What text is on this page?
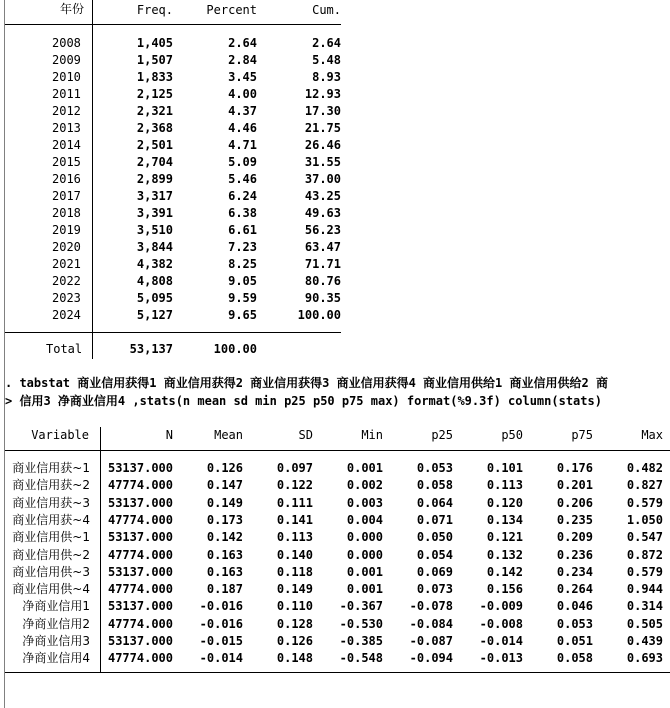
年份	Freq.	Percent	Cum.
2008	1,405	2.64	2.64
2009	1,507	2.84	5.48
2010	1,833	3.45	8.93
2011	2,125	4.00	12.93
2012	2,321	4.37	17.30
2013	2,368	4.46	21.75
2014	2,501	4.71	26.46
2015	2,704	5.09	31.55
2016	2,899	5.46	37.00
2017	3,317	6.24	43.25
2018	3,391	6.38	49.63
2019	3,510	6.61	56.23
2020	3,844	7.23	63.47
2021	4,382	8.25	71.71
2022	4,808	9.05	80.76
2023	5,095	9.59	90.35
2024	5,127	9.65	100.00
Total	53,137	100.00
. tabstat 商业信用获得1 商业信用获得2 商业信用获得3 商业信用获得4 商业信用供给1 商业信用供给2 商
> 信用3 净商业信用4 ,stats(n mean sd min p25 p50 p75 max) format(%9.3f) column(stats)
Variable	N	Mean	SD	Min	p25	p50	p75	Max
商业信用获~1 53137.000	0.126	0.097	0.001	0.053	0.101	0.176	0.482
商业信用获~2 47774.000	0.147	0.122	0.002	0.058	0.113	0.201	0.827
商业信用获~3 53137.000	0.149	0.111	0.003	0.064	0.120	0.206	0.579
商业信用获~4 47774.000	0.173	0.141	0.004	0.071	0.134	0.235	1.050
商业信用供~1 53137.000	0.142	0.113	0.000	0.050	0.121	0.209	0.547
商业信用供~2 47774.000	0.163	0.140	0.000	0.054	0.132	0.236	0.872
商业信用供~3 53137.000	0.163	0.118	0.001	0.069	0.142	0.234	0.579
商业信用供~4 47774.000	0.187	0.149	0.001	0.073	0.156	0.264	0.944
净商业信用1 53137.000	-0.016	0.110	-0.367	-0.078	-0.009	0.046	0.314
净商业信用2 47774.000	-0.016	0.128	-0.530	-0.084	-0.008	0.053	0.505
净商业信用3 53137.000	-0.015	0.126	-0.385	-0.087	-0.014	0.051	0.439
净商业信用4 47774.000	-0.014	0.148	-0.548	-0.094	-0.013	0.058	0.693
